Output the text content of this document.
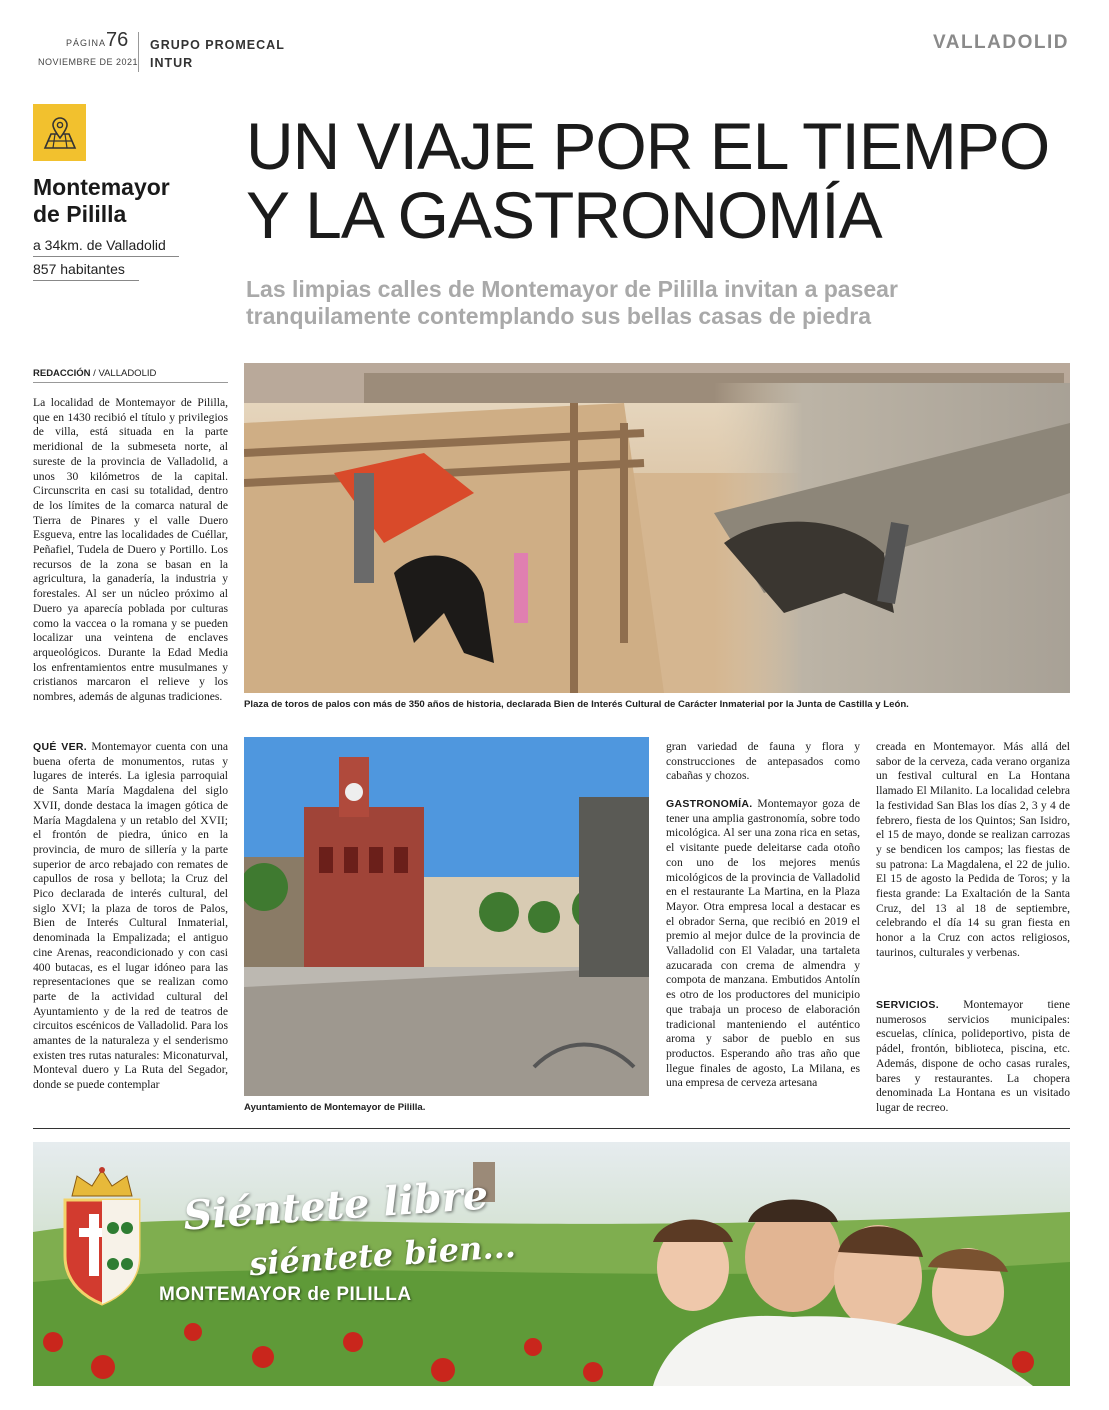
PÁGINA 76
NOVIEMBRE DE 2021
GRUPO PROMECAL
INTUR
VALLADOLID
Montemayor
de Pililla
a 34km. de Valladolid
857 habitantes
UN VIAJE POR EL TIEMPO
Y LA GASTRONOMÍA
Las limpias calles de Montemayor de Pililla invitan a pasear
tranquilamente contemplando sus bellas casas de piedra
REDACCIÓN / VALLADOLID

La localidad de Montemayor de Pililla, que en 1430 recibió el título y privilegios de villa, está situada en la parte meridional de la submeseta norte, al sureste de la provincia de Valladolid, a unos 30 kilómetros de la capital. Circunscrita en casi su totalidad, dentro de los límites de la comarca natural de Tierra de Pinares y el valle Duero Esgueva, entre las localidades de Cuéllar, Peñafiel, Tudela de Duero y Portillo. Los recursos de la zona se basan en la agricultura, la ganadería, la industria y forestales. Al ser un núcleo próximo al Duero ya aparecía poblada por culturas como la vaccea o la romana y se pueden localizar una veintena de enclaves arqueológicos. Durante la Edad Media los enfrentamientos entre musulmanes y cristianos marcaron el relieve y los nombres, además de algunas tradiciones.

Plaza de toros de palos con más de 350 años de historia, declarada Bien de Interés Cultural de Carácter Inmaterial por la Junta de Castilla y León.

QUÉ VER. Montemayor cuenta con una buena oferta de monumentos, rutas y lugares de interés. La iglesia parroquial de Santa María Magdalena del siglo XVII, donde destaca la imagen gótica de María Magdalena y un retablo del XVII; el frontón de piedra, único en la provincia, de muro de sillería y la parte superior de arco rebajado con remates de capullos de rosa y bellota; la Cruz del Pico declarada de interés cultural, del siglo XVI; la plaza de toros de Palos, Bien de Interés Cultural Inmaterial, denominada la Empalizada; el antiguo cine Arenas, reacondicionado y con casi 400 butacas, es el lugar idóneo para las representaciones que se realizan como parte de la actividad cultural del Ayuntamiento y de la red de teatros de circuitos escénicos de Valladolid. Para los amantes de la naturaleza y el senderismo existen tres rutas naturales: Miconaturval, Monteval duero y La Ruta del Segador, donde se puede contemplar

Ayuntamiento de Montemayor de Pililla.

gran variedad de fauna y flora y construcciones de antepasados como cabañas y chozos.

GASTRONOMÍA. Montemayor goza de tener una amplia gastronomía, sobre todo micológica. Al ser una zona rica en setas, el visitante puede deleitarse cada otoño con uno de los mejores menús micológicos de la provincia de Valladolid en el restaurante La Martina, en la Plaza Mayor. Otra empresa local a destacar es el obrador Serna, que recibió en 2019 el premio al mejor dulce de la provincia de Valladolid con El Valadar, una tartaleta azucarada con crema de almendra y compota de manzana. Embutidos Antolín es otro de los productores del municipio que trabaja un proceso de elaboración tradicional manteniendo el auténtico aroma y sabor de pueblo en sus productos. Esperando año tras año que llegue finales de agosto, La Milana, es una empresa de cerveza artesana

creada en Montemayor. Más allá del sabor de la cerveza, cada verano organiza un festival cultural en La Hontana llamado El Milanito. La localidad celebra la festividad San Blas los días 2, 3 y 4 de febrero, fiesta de los Quintos; San Isidro, el 15 de mayo, donde se realizan carrozas y se bendicen los campos; las fiestas de su patrona: La Magdalena, el 22 de julio. El 15 de agosto la Pedida de Toros; y la fiesta grande: La Exaltación de la Santa Cruz, del 13 al 18 de septiembre, celebrando el día 14 su gran fiesta en honor a la Cruz con actos religiosos, taurinos, culturales y verbenas.

SERVICIOS. Montemayor tiene numerosos servicios municipales: escuelas, clínica, polideportivo, pista de pádel, frontón, biblioteca, piscina, etc. Además, dispone de ocho casas rurales, bares y restaurantes. La chopera denominada La Hontana es un visitado lugar de recreo.

Siéntete libre
siéntete bien...
MONTEMAYOR de PILILLA
